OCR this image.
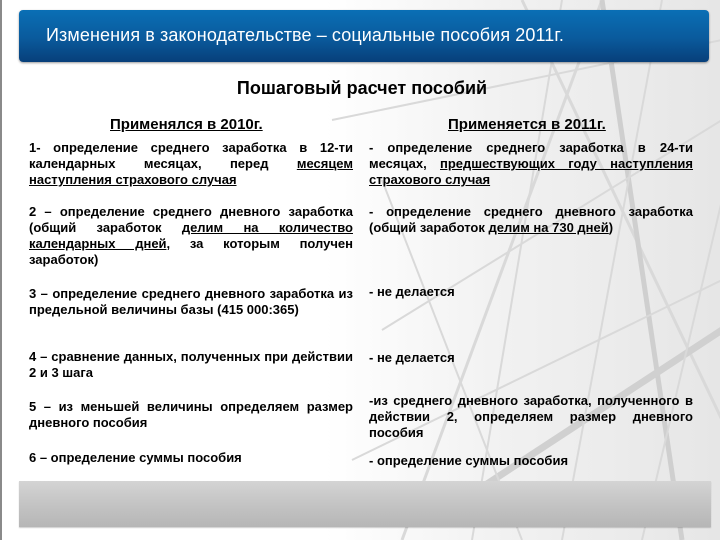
Изменения в законодательстве – социальные пособия 2011г.
Пошаговый расчет пособий
Применялся в 2010г.	Применяется в 2011г.
1- определение среднего заработка в 12-ти календарных месяцах, перед месяцем наступления страхового случая
- определение среднего заработка в 24-ти месяцах, предшествующих году наступления страхового случая
2 – определение среднего дневного заработка (общий заработок делим на количество календарных дней, за которым получен заработок)
- определение среднего дневного заработка (общий заработок делим на 730 дней)
3 – определение среднего дневного заработка из предельной величины базы (415 000:365)
- не делается
4 – сравнение данных, полученных при действии 2 и 3 шага
- не делается
5 – из меньшей величины определяем размер дневного пособия
-из среднего дневного заработка, полученного в действии 2, определяем размер дневного пособия
6 – определение суммы пособия	- определение суммы пособия
